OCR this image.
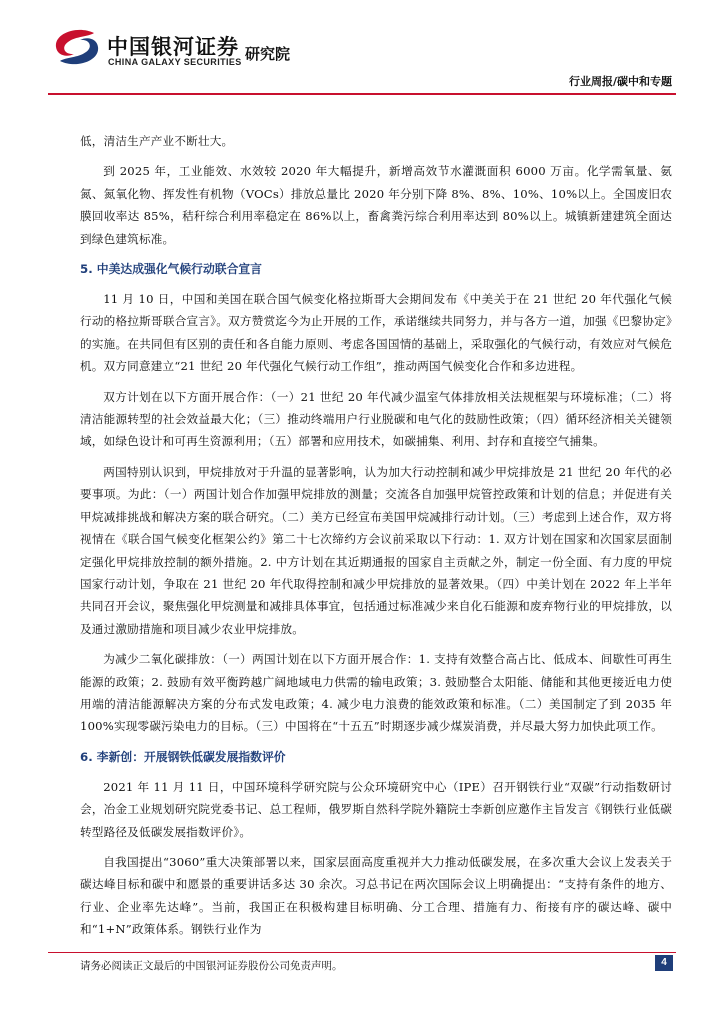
中国银河证券
CHINA GALAXY SECURITIES 研究院
行业周报/碳中和专题

低，清洁生产产业不断壮大。

到 2025 年，工业能效、水效较 2020 年大幅提升，新增高效节水灌溉面积 6000 万亩。化学需氧量、氨氮、氮氧化物、挥发性有机物（VOCs）排放总量比 2020 年分别下降 8%、8%、10%、10%以上。全国废旧农膜回收率达 85%，秸秆综合利用率稳定在 86%以上，畜禽粪污综合利用率达到 80%以上。城镇新建建筑全面达到绿色建筑标准。

5. 中美达成强化气候行动联合宣言

11 月 10 日，中国和美国在联合国气候变化格拉斯哥大会期间发布《中美关于在 21 世纪 20 年代强化气候行动的格拉斯哥联合宣言》。双方赞赏迄今为止开展的工作，承诺继续共同努力，并与各方一道，加强《巴黎协定》的实施。在共同但有区别的责任和各自能力原则、考虑各国国情的基础上，采取强化的气候行动，有效应对气候危机。双方同意建立“21 世纪 20 年代强化气候行动工作组”，推动两国气候变化合作和多边进程。

双方计划在以下方面开展合作：（一）21 世纪 20 年代减少温室气体排放相关法规框架与环境标准；（二）将清洁能源转型的社会效益最大化；（三）推动终端用户行业脱碳和电气化的鼓励性政策；（四）循环经济相关关键领域，如绿色设计和可再生资源利用；（五）部署和应用技术，如碳捕集、利用、封存和直接空气捕集。

两国特别认识到，甲烷排放对于升温的显著影响，认为加大行动控制和减少甲烷排放是 21 世纪 20 年代的必要事项。为此：（一）两国计划合作加强甲烷排放的测量；交流各自加强甲烷管控政策和计划的信息；并促进有关甲烷减排挑战和解决方案的联合研究。（二）美方已经宣布美国甲烷减排行动计划。（三）考虑到上述合作，双方将视情在《联合国气候变化框架公约》第二十七次缔约方会议前采取以下行动：1. 双方计划在国家和次国家层面制定强化甲烷排放控制的额外措施。2. 中方计划在其近期通报的国家自主贡献之外，制定一份全面、有力度的甲烷国家行动计划，争取在 21 世纪 20 年代取得控制和减少甲烷排放的显著效果。（四）中美计划在 2022 年上半年共同召开会议，聚焦强化甲烷测量和减排具体事宜，包括通过标准减少来自化石能源和废弃物行业的甲烷排放，以及通过激励措施和项目减少农业甲烷排放。

为减少二氧化碳排放：（一）两国计划在以下方面开展合作：1. 支持有效整合高占比、低成本、间歇性可再生能源的政策；2. 鼓励有效平衡跨越广阔地域电力供需的输电政策；3. 鼓励整合太阳能、储能和其他更接近电力使用端的清洁能源解决方案的分布式发电政策；4. 减少电力浪费的能效政策和标准。（二）美国制定了到 2035 年 100%实现零碳污染电力的目标。（三）中国将在“十五五”时期逐步减少煤炭消费，并尽最大努力加快此项工作。

6. 李新创：开展钢铁低碳发展指数评价

2021 年 11 月 11 日，中国环境科学研究院与公众环境研究中心（IPE）召开钢铁行业“双碳”行动指数研讨会，冶金工业规划研究院党委书记、总工程师，俄罗斯自然科学院外籍院士李新创应邀作主旨发言《钢铁行业低碳转型路径及低碳发展指数评价》。

自我国提出“3060”重大决策部署以来，国家层面高度重视并大力推动低碳发展，在多次重大会议上发表关于碳达峰目标和碳中和愿景的重要讲话多达 30 余次。习总书记在两次国际会议上明确提出：“支持有条件的地方、行业、企业率先达峰”。当前，我国正在积极构建目标明确、分工合理、措施有力、衔接有序的碳达峰、碳中和“1+N”政策体系。钢铁行业作为

请务必阅读正文最后的中国银河证券股份公司免责声明。	4
